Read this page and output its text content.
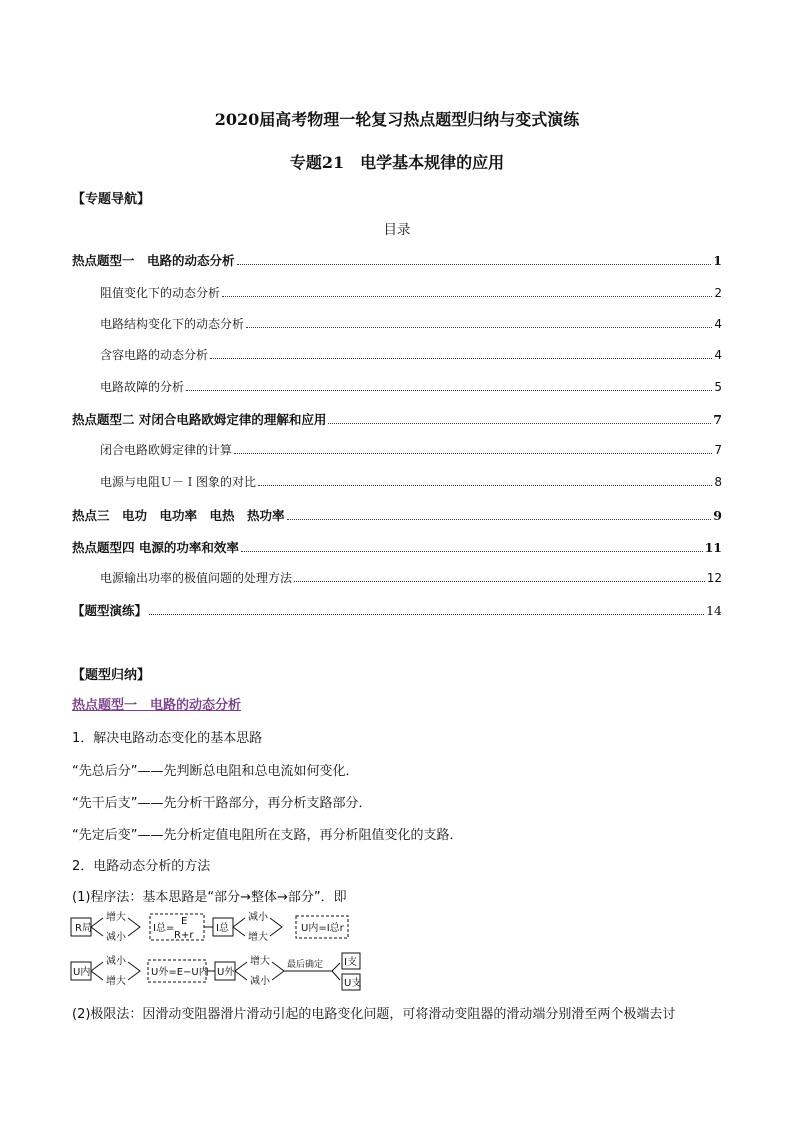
2020届高考物理一轮复习热点题型归纳与变式演练
专题21　电学基本规律的应用
【专题导航】
目录
热点题型一　电路的动态分析	1
阻值变化下的动态分析	2
电路结构变化下的动态分析	4
含容电路的动态分析	4
电路故障的分析	5
热点题型二 对闭合电路欧姆定律的理解和应用	7
闭合电路欧姆定律的计算	7
电源与电阻Ｕ－Ｉ图象的对比	8
热点三　电功　电功率　电热　热功率	9
热点题型四 电源的功率和效率	11
电源输出功率的极值问题的处理方法	12
【题型演练】	14
【题型归纳】
热点题型一　电路的动态分析
1．解决电路动态变化的基本思路
“先总后分”——先判断总电阻和总电流如何变化．
“先干后支”——先分析干路部分，再分析支路部分．
“先定后变”——先分析定值电阻所在支路，再分析阻值变化的支路．
2．电路动态分析的方法
(1)程序法：基本思路是“部分→整体→部分”．即
R局
增大
减小
I总=
E
R+r
I总
减小
增大
U内=I总r
U内
减小
增大
U外=E−U内 U外
增大
减小
最后确定 I支
U支
(2)极限法：因滑动变阻器滑片滑动引起的电路变化问题，可将滑动变阻器的滑动端分别滑至两个极端去讨
